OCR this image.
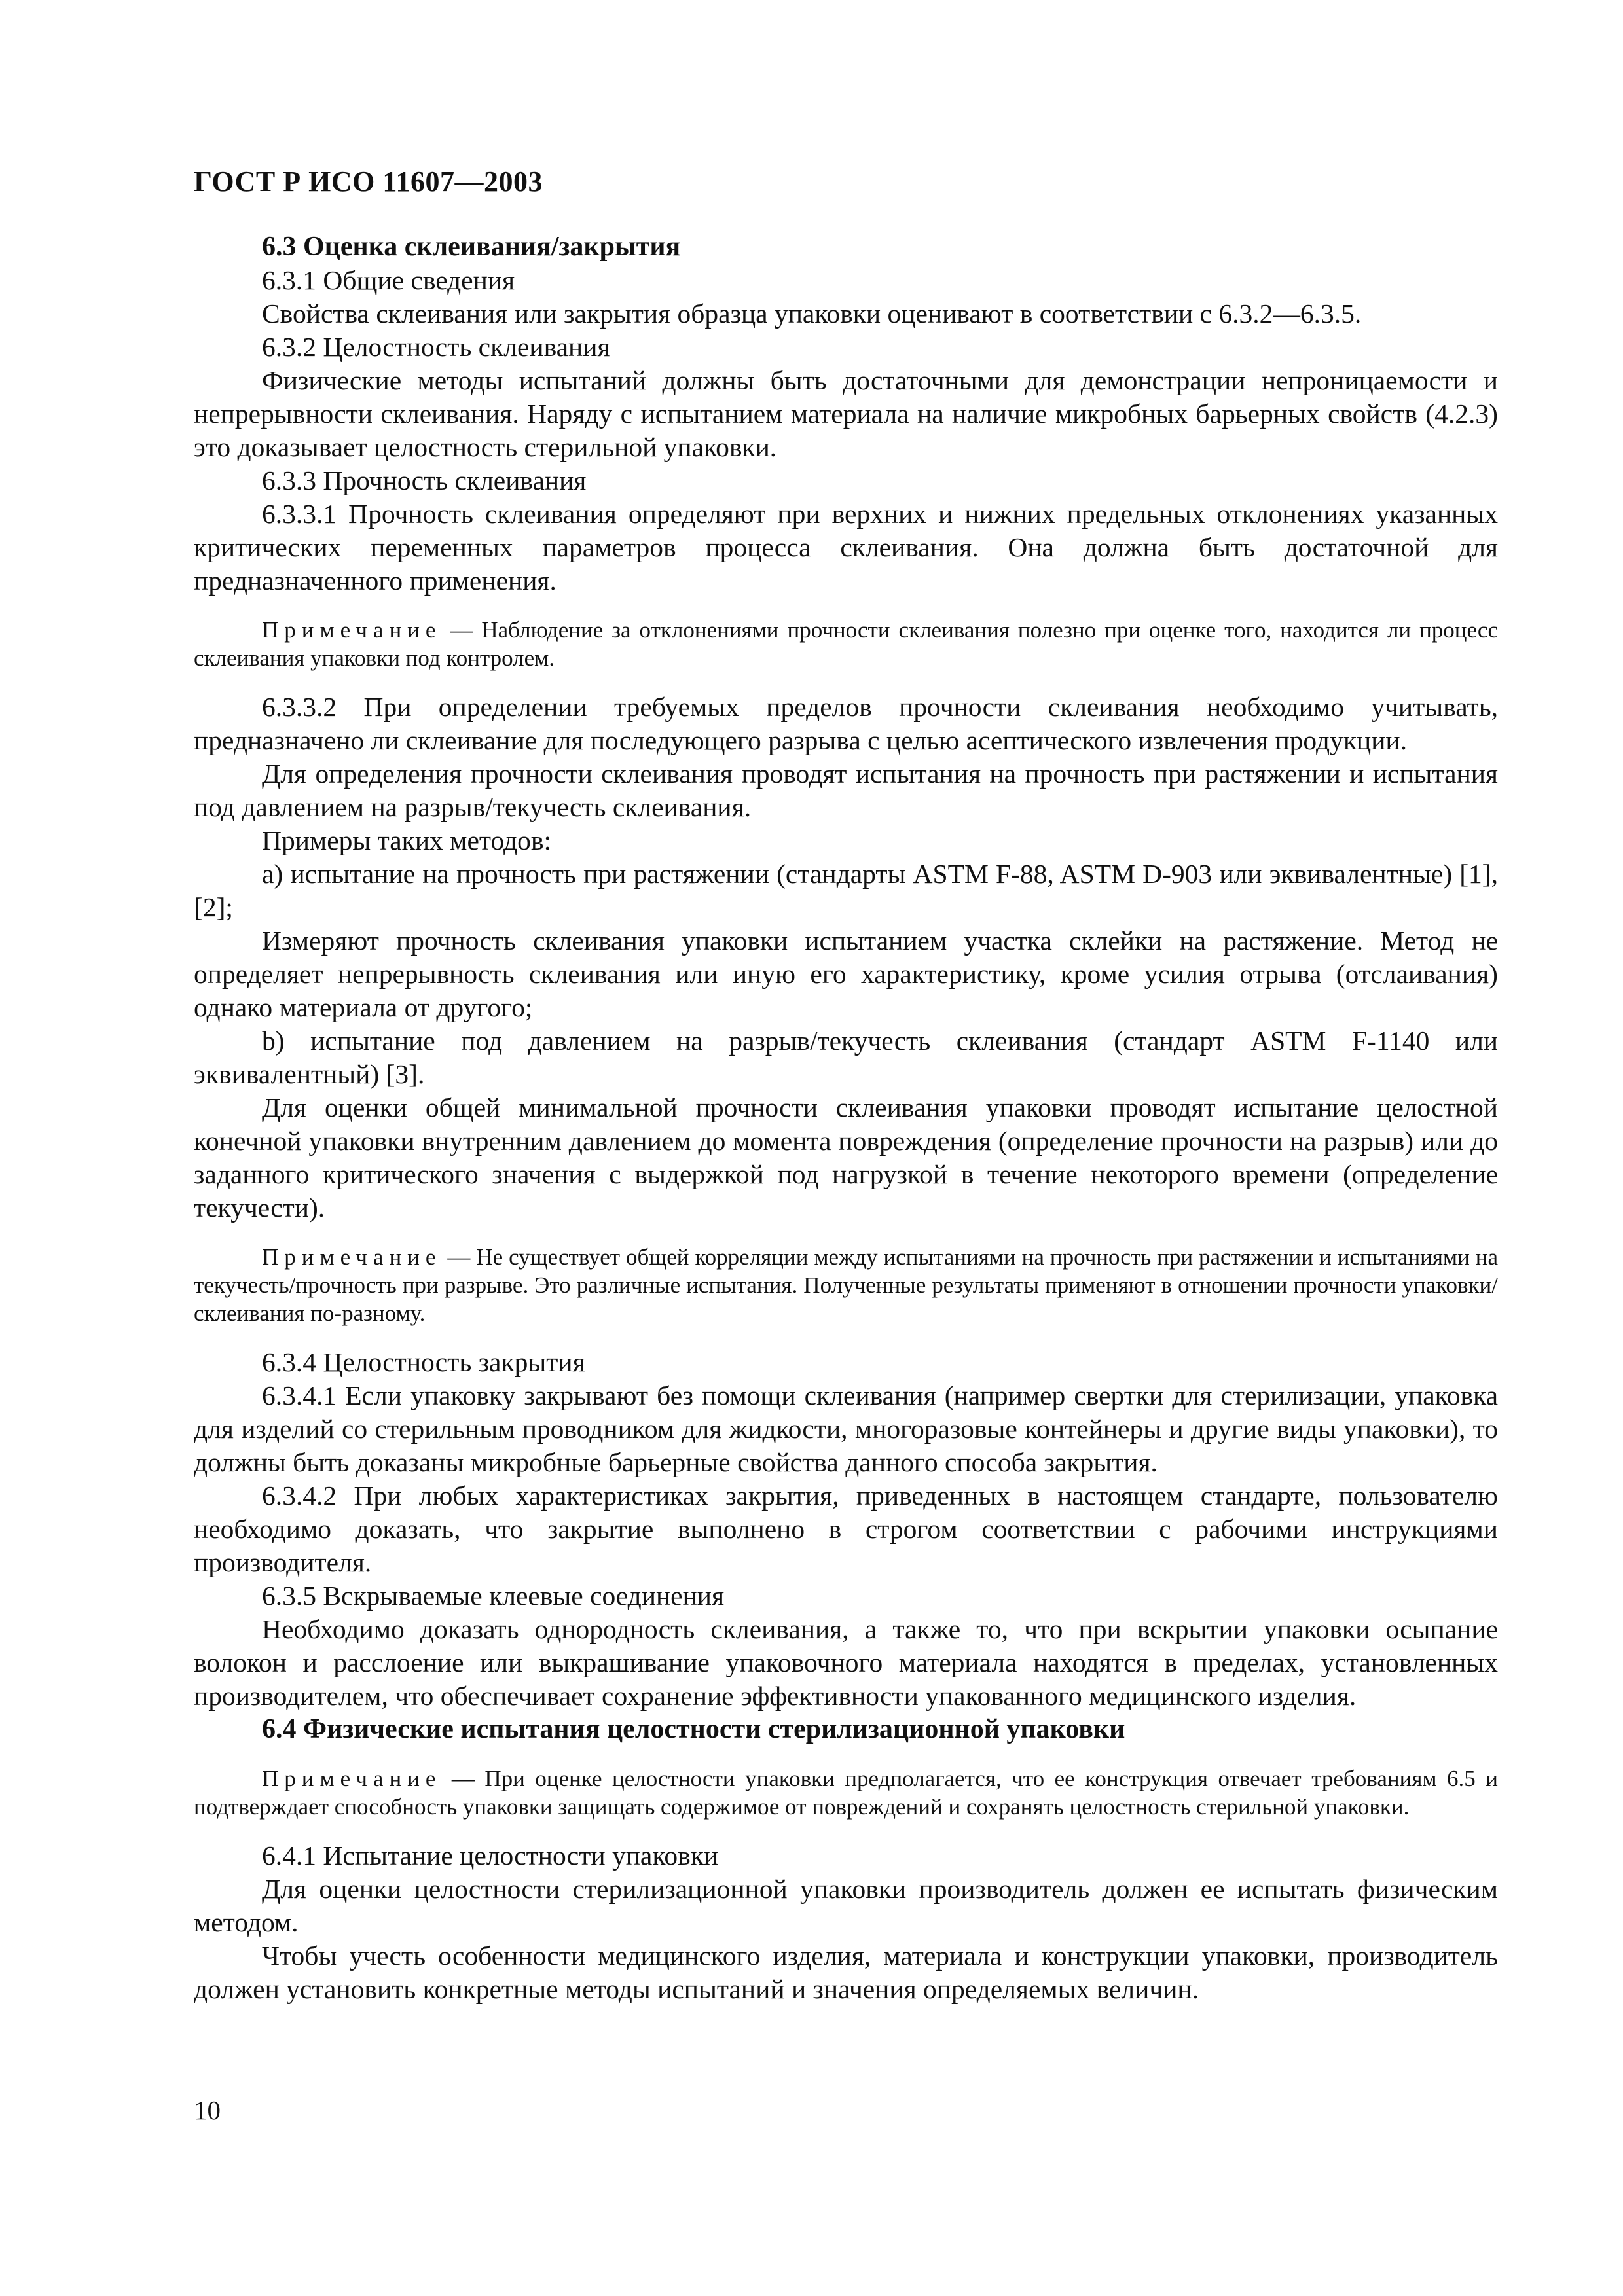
ГОСТ Р ИСО 11607—2003

6.3 Оценка склеивания/закрытия

6.3.1 Общие сведения

Свойства склеивания или закрытия образца упаковки оценивают в соответствии с 6.3.2—6.3.5.

6.3.2 Целостность склеивания

Физические методы испытаний должны быть достаточными для демонстрации непроницаемости и непрерывности склеивания. Наряду с испытанием материала на наличие микробных барьерных свойств (4.2.3) это доказывает целостность стерильной упаковки.

6.3.3 Прочность склеивания

6.3.3.1 Прочность склеивания определяют при верхних и нижних предельных отклонениях указанных критических переменных параметров процесса склеивания. Она должна быть достаточной для предназначенного применения.

Примечание — Наблюдение за отклонениями прочности склеивания полезно при оценке того, находится ли процесс склеивания упаковки под контролем.

6.3.3.2 При определении требуемых пределов прочности склеивания необходимо учитывать, предназначено ли склеивание для последующего разрыва с целью асептического извлечения продукции.

Для определения прочности склеивания проводят испытания на прочность при растяжении и испытания под давлением на разрыв/текучесть склеивания.

Примеры таких методов:

а) испытание на прочность при растяжении (стандарты ASTM F-88, ASTM D-903 или эквивалентные) [1], [2];

Измеряют прочность склеивания упаковки испытанием участка склейки на растяжение. Метод не определяет непрерывность склеивания или иную его характеристику, кроме усилия отрыва (отслаивания) однако материала от другого;

b) испытание под давлением на разрыв/текучесть склеивания (стандарт ASTM F-1140 или эквивалентный) [3].

Для оценки общей минимальной прочности склеивания упаковки проводят испытание целостной конечной упаковки внутренним давлением до момента повреждения (определение прочности на разрыв) или до заданного критического значения с выдержкой под нагрузкой в течение некоторого времени (определение текучести).

Примечание — Не существует общей корреляции между испытаниями на прочность при растяжении и испытаниями на текучесть/прочность при разрыве. Это различные испытания. Полученные результаты применяют в отношении прочности упаковки/склеивания по-разному.

6.3.4 Целостность закрытия

6.3.4.1 Если упаковку закрывают без помощи склеивания (например свертки для стерилизации, упаковка для изделий со стерильным проводником для жидкости, многоразовые контейнеры и другие виды упаковки), то должны быть доказаны микробные барьерные свойства данного способа закрытия.

6.3.4.2 При любых характеристиках закрытия, приведенных в настоящем стандарте, пользователю необходимо доказать, что закрытие выполнено в строгом соответствии с рабочими инструкциями производителя.

6.3.5 Вскрываемые клеевые соединения

Необходимо доказать однородность склеивания, а также то, что при вскрытии упаковки осыпание волокон и расслоение или выкрашивание упаковочного материала находятся в пределах, установленных производителем, что обеспечивает сохранение эффективности упакованного медицинского изделия.

6.4 Физические испытания целостности стерилизационной упаковки

Примечание — При оценке целостности упаковки предполагается, что ее конструкция отвечает требованиям 6.5 и подтверждает способность упаковки защищать содержимое от повреждений и сохранять целостность стерильной упаковки.

6.4.1 Испытание целостности упаковки

Для оценки целостности стерилизационной упаковки производитель должен ее испытать физическим методом.

Чтобы учесть особенности медицинского изделия, материала и конструкции упаковки, производитель должен установить конкретные методы испытаний и значения определяемых величин.

10
